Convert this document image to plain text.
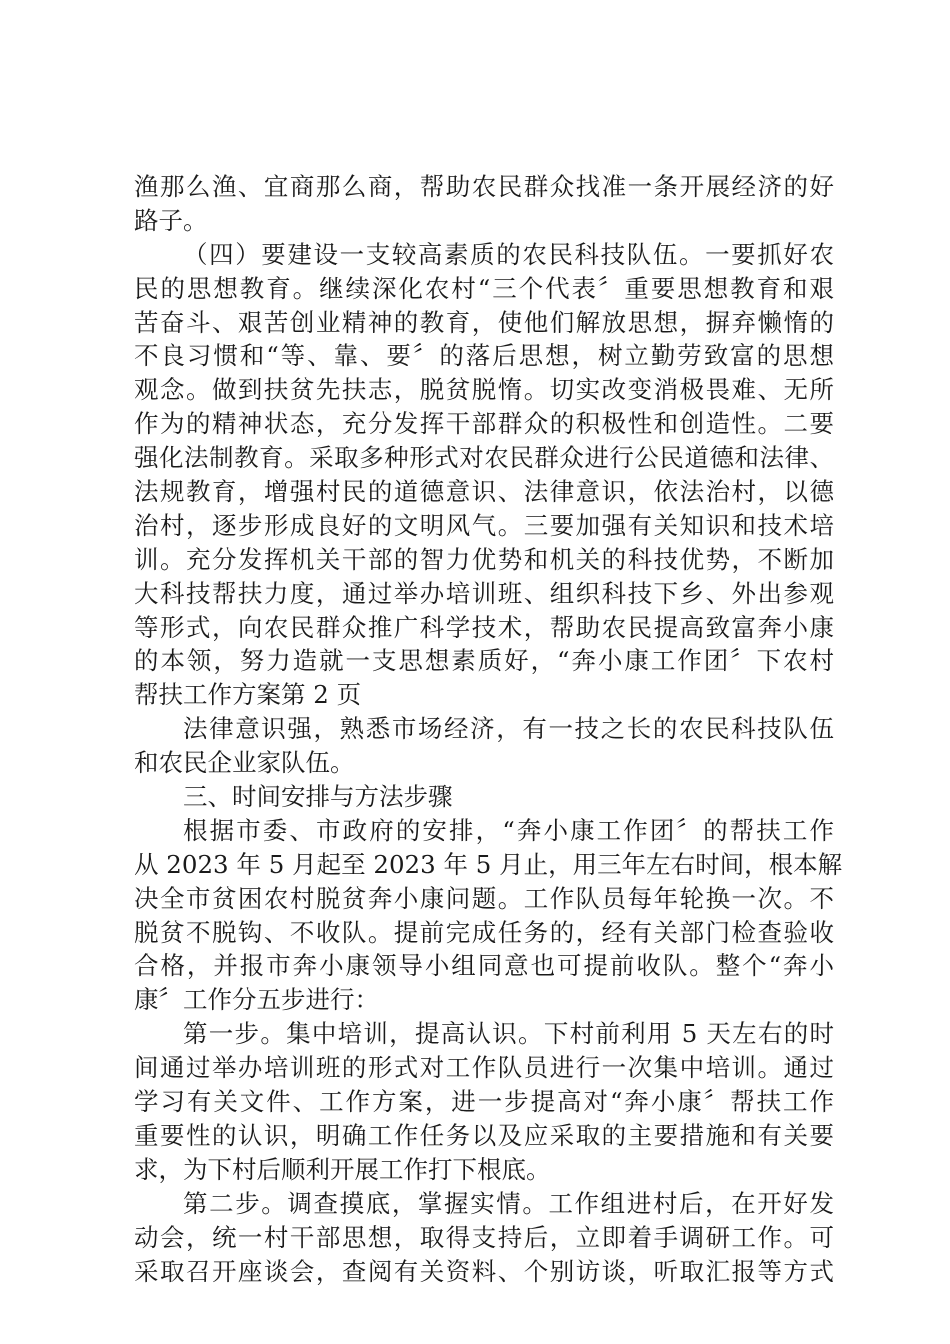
渔那么渔、宜商那么商，帮助农民群众找准一条开展经济的好
路子。
（四）要建设一支较高素质的农民科技队伍。一要抓好农
民的思想教育。继续深化农村“三个代表〞重要思想教育和艰
苦奋斗、艰苦创业精神的教育，使他们解放思想，摒弃懒惰的
不良习惯和“等、靠、要〞的落后思想，树立勤劳致富的思想
观念。做到扶贫先扶志，脱贫脱惰。切实改变消极畏难、无所
作为的精神状态，充分发挥干部群众的积极性和创造性。二要
强化法制教育。采取多种形式对农民群众进行公民道德和法律、
法规教育，增强村民的道德意识、法律意识，依法治村，以德
治村，逐步形成良好的文明风气。三要加强有关知识和技术培
训。充分发挥机关干部的智力优势和机关的科技优势，不断加
大科技帮扶力度，通过举办培训班、组织科技下乡、外出参观
等形式，向农民群众推广科学技术，帮助农民提高致富奔小康
的本领，努力造就一支思想素质好，“奔小康工作团〞下农村
帮扶工作方案第 2 页
法律意识强，熟悉市场经济，有一技之长的农民科技队伍
和农民企业家队伍。
三、时间安排与方法步骤
根据市委、市政府的安排，“奔小康工作团〞的帮扶工作
从 2023 年 5 月起至 2023 年 5 月止，用三年左右时间，根本解
决全市贫困农村脱贫奔小康问题。工作队员每年轮换一次。不
脱贫不脱钩、不收队。提前完成任务的，经有关部门检查验收
合格，并报市奔小康领导小组同意也可提前收队。整个“奔小
康〞工作分五步进行：
第一步。集中培训，提高认识。下村前利用 5 天左右的时
间通过举办培训班的形式对工作队员进行一次集中培训。通过
学习有关文件、工作方案，进一步提高对“奔小康〞帮扶工作
重要性的认识，明确工作任务以及应采取的主要措施和有关要
求，为下村后顺利开展工作打下根底。
第二步。调查摸底，掌握实情。工作组进村后，在开好发
动会，统一村干部思想，取得支持后，立即着手调研工作。可
采取召开座谈会，查阅有关资料、个别访谈，听取汇报等方式
